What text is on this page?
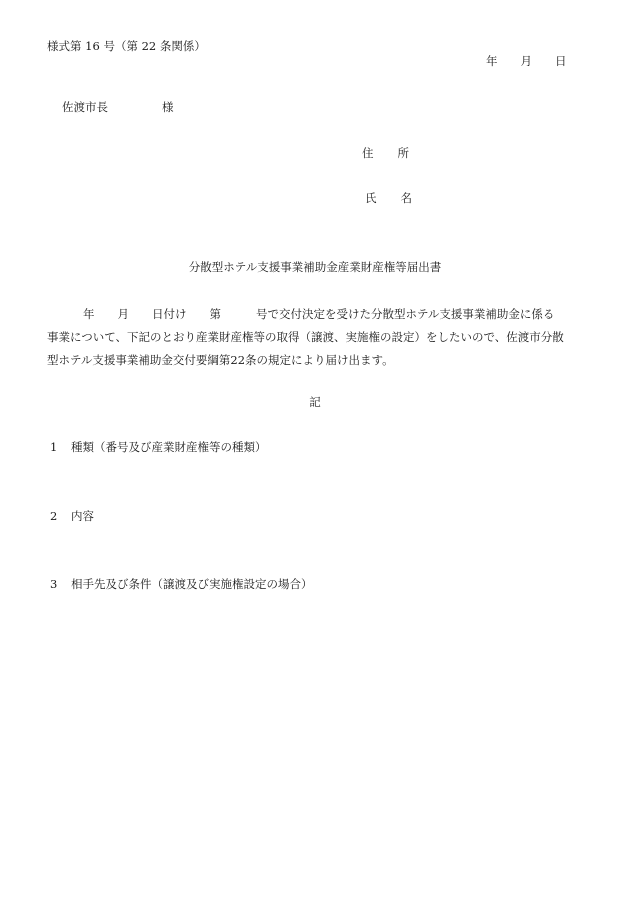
様式第 16 号（第 22 条関係）
年 月 日
佐渡市長	様
住 所
氏 名
分散型ホテル支援事業補助金産業財産権等届出書

年 月 日付け 第	号で交付決定を受けた分散型ホテル支援事業補助金に係る

事業について、下記のとおり産業財産権等の取得（譲渡、実施権の設定）をしたいので、佐渡市分散

型ホテル支援事業補助金交付要綱第22条の規定により届け出ます。

記
1 種類（番号及び産業財産権等の種類）
2 内容
3 相手先及び条件（譲渡及び実施権設定の場合）
